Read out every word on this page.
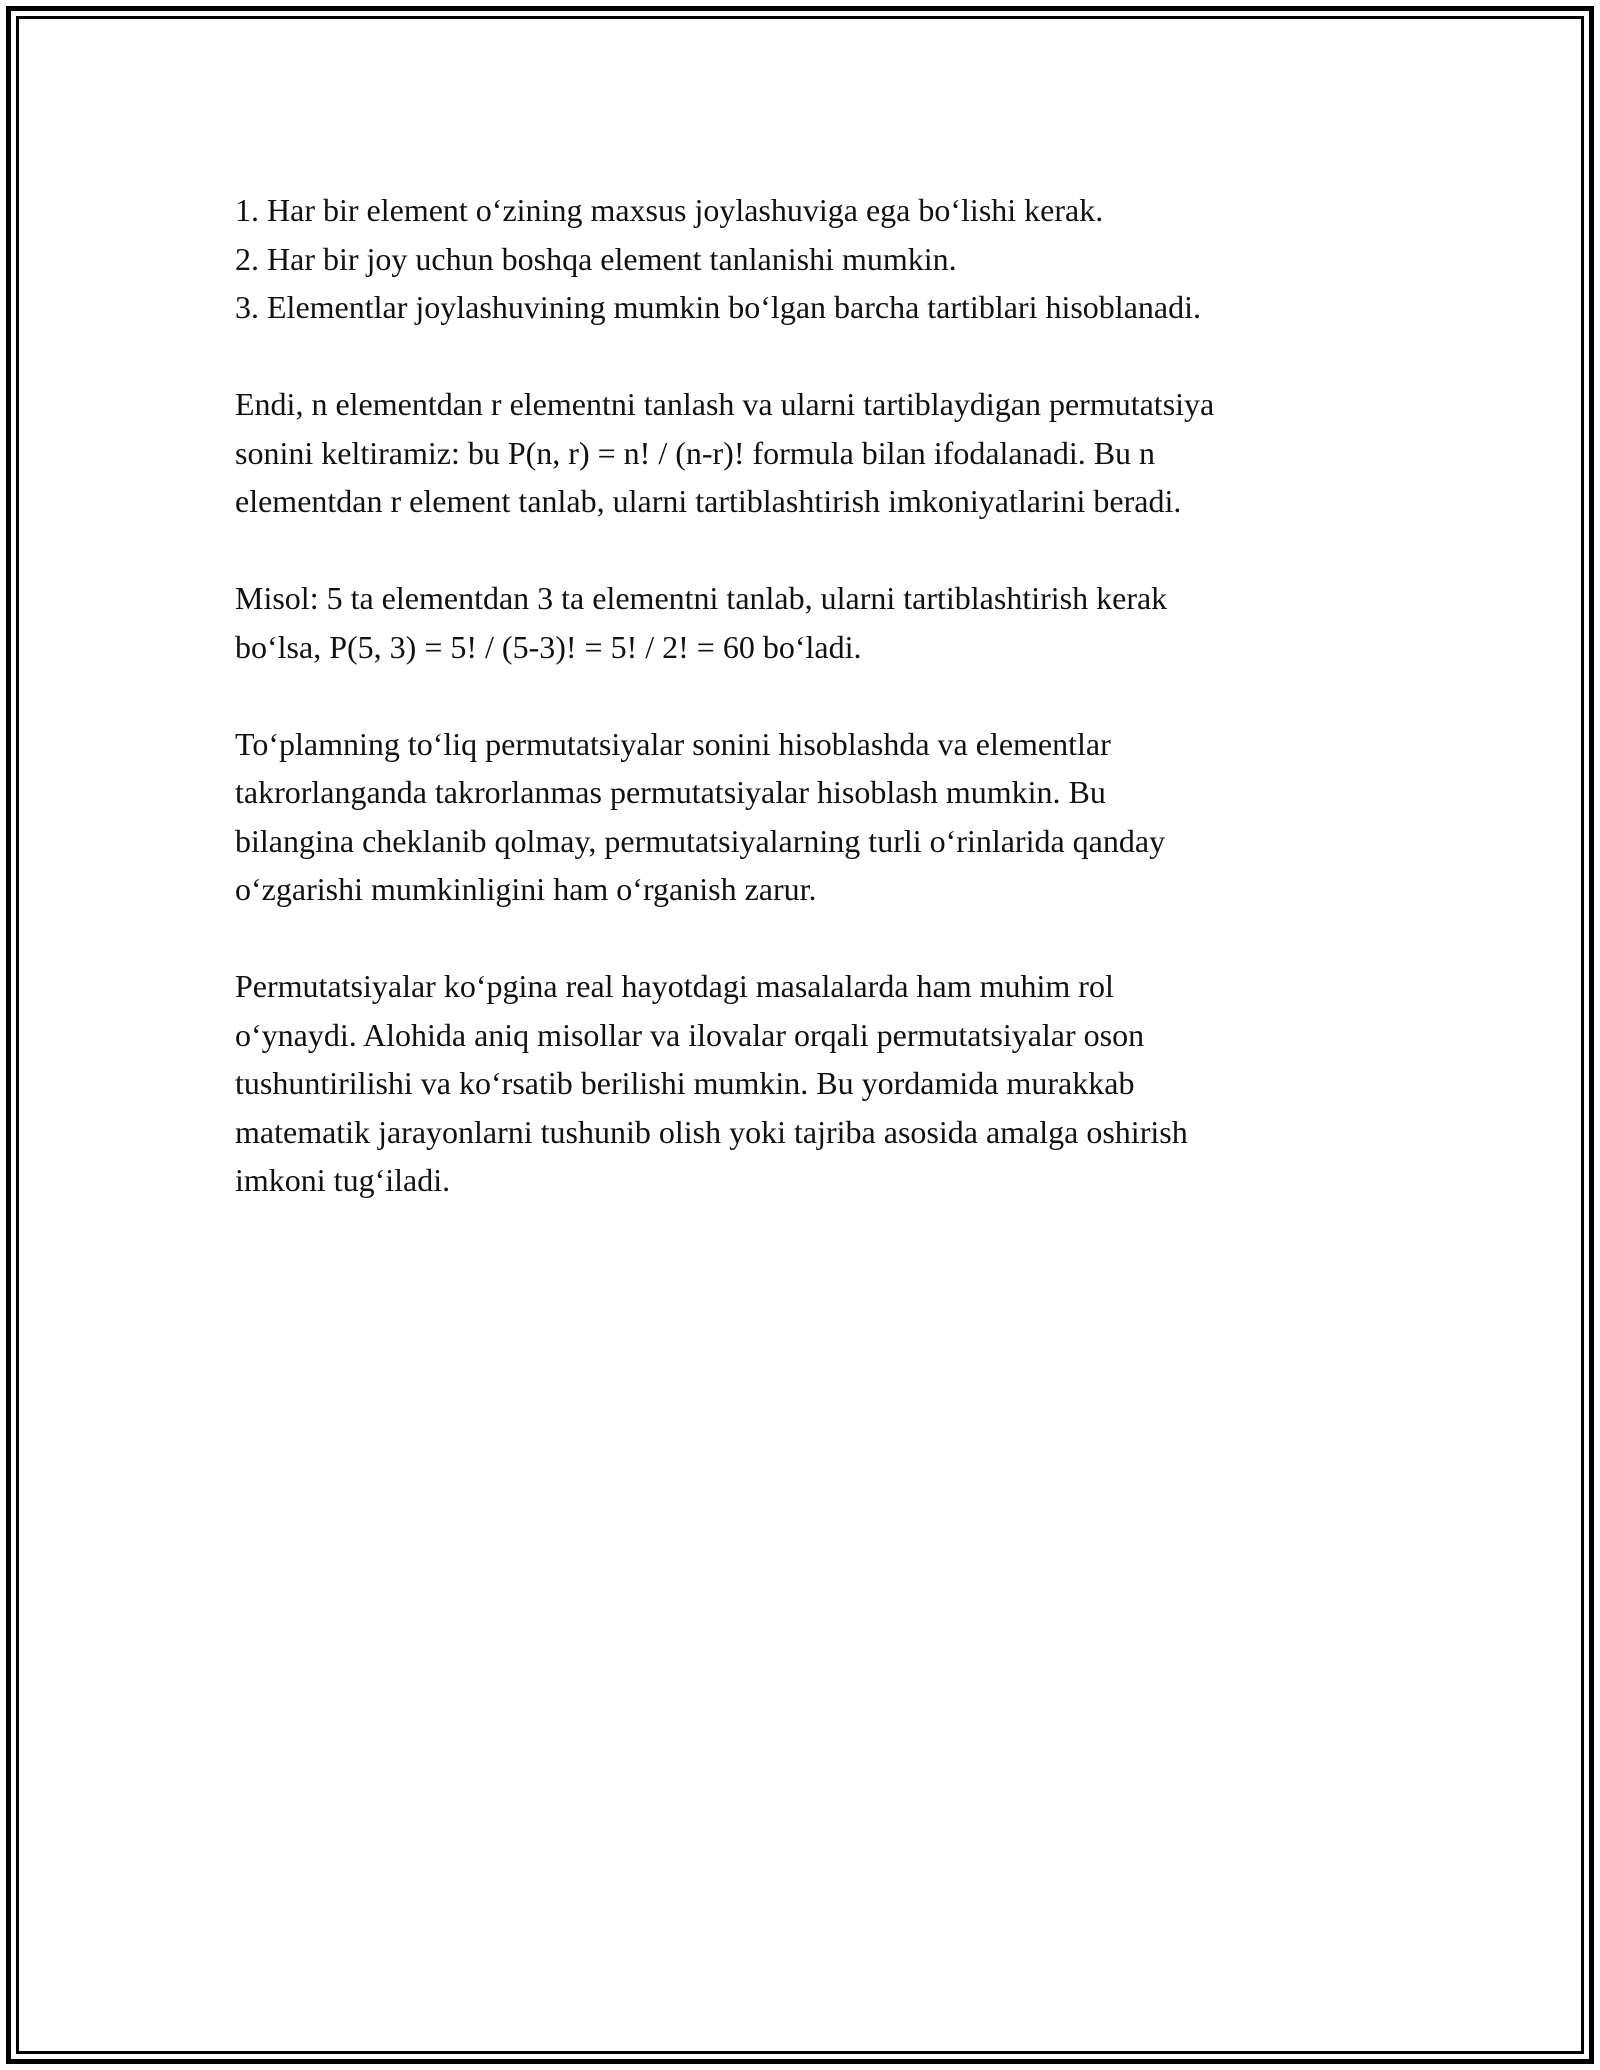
1. Har bir element o‘zining maxsus joylashuviga ega bo‘lishi kerak.
2. Har bir joy uchun boshqa element tanlanishi mumkin.
3. Elementlar joylashuvining mumkin bo‘lgan barcha tartiblari hisoblanadi.

Endi, n elementdan r elementni tanlash va ularni tartiblaydigan permutatsiya
sonini keltiramiz: bu P(n, r) = n! / (n-r)! formula bilan ifodalanadi. Bu n
elementdan r element tanlab, ularni tartiblashtirish imkoniyatlarini beradi.

Misol: 5 ta elementdan 3 ta elementni tanlab, ularni tartiblashtirish kerak
bo‘lsa, P(5, 3) = 5! / (5-3)! = 5! / 2! = 60 bo‘ladi.

To‘plamning to‘liq permutatsiyalar sonini hisoblashda va elementlar
takrorlanganda takrorlanmas permutatsiyalar hisoblash mumkin. Bu
bilangina cheklanib qolmay, permutatsiyalarning turli o‘rinlarida qanday
o‘zgarishi mumkinligini ham o‘rganish zarur.

Permutatsiyalar ko‘pgina real hayotdagi masalalarda ham muhim rol
o‘ynaydi. Alohida aniq misollar va ilovalar orqali permutatsiyalar oson
tushuntirilishi va ko‘rsatib berilishi mumkin. Bu yordamida murakkab
matematik jarayonlarni tushunib olish yoki tajriba asosida amalga oshirish
imkoni tug‘iladi.
